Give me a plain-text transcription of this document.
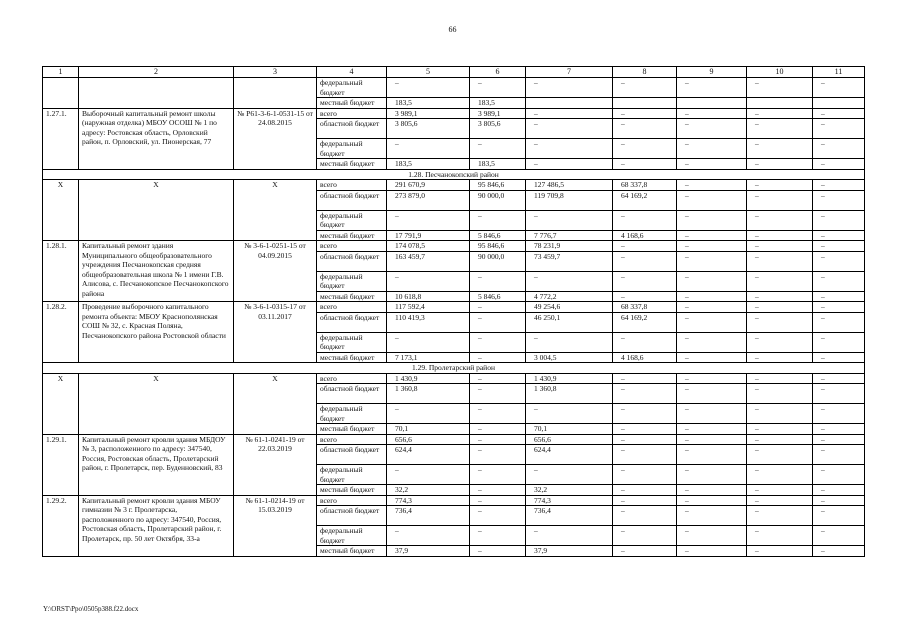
66
1	2	3	4	5	6	7	8	9	10	11
			федеральный бюджет	–	–	–	–	–	–	–
			местный бюджет	183,5	183,5					
1.27.1.	Выборочный капитальный ремонт школы (наружная отделка) МБОУ ОСОШ № 1 по адресу: Ростовская область, Орловский район, п. Орловский, ул. Пионерская, 77	№ Р61-3-6-1-0531-15 от 24.08.2015	всего	3 989,1	3 989,1	–	–	–	–	–
			областной бюджет	3 805,6	3 805,6	–	–	–	–	–
			федеральный бюджет	–	–	–	–	–	–	–
			местный бюджет	183,5	183,5	–	–	–	–	–
1.28. Песчанокопский район										
Х	Х	Х	всего	291 670,9	95 846,6	127 486,5	68 337,8	–	–	–
			областной бюджет	273 879,0	90 000,0	119 709,8	64 169,2	–	–	–
			федеральный бюджет	–	–	–	–	–	–	–
			местный бюджет	17 791,9	5 846,6	7 776,7	4 168,6	–	–	–
1.28.1.	Капитальный ремонт здания Муниципального общеобразовательного учреждения Песчанокопская средняя общеобразовательная школа № 1 имени Г.В. Алисова, с. Песчанокопское Песчанокопского района	№ 3-6-1-0251-15 от 04.09.2015	всего	174 078,5	95 846,6	78 231,9	–	–	–	–
			областной бюджет	163 459,7	90 000,0	73 459,7	–	–	–	–
			федеральный бюджет	–	–	–	–	–	–	–
			местный бюджет	10 618,8	5 846,6	4 772,2	–	–	–	–
1.28.2.	Проведение выборочного капитального ремонта объекта: МБОУ Краснополянская СОШ № 32, с. Красная Поляна, Песчанокопского района Ростовской области	№ 3-6-1-0315-17 от 03.11.2017	всего	117 592,4	–	49 254,6	68 337,8	–	–	–
			областной бюджет	110 419,3	–	46 250,1	64 169,2	–	–	–
			федеральный бюджет	–	–	–	–	–	–	–
			местный бюджет	7 173,1	–	3 004,5	4 168,6	–	–	–
1.29. Пролетарский район										
Х	Х	Х	всего	1 430,9	–	1 430,9	–	–	–	–
			областной бюджет	1 360,8	–	1 360,8	–	–	–	–
			федеральный бюджет	–	–	–	–	–	–	–
			местный бюджет	70,1	–	70,1	–	–	–	–
1.29.1.	Капитальный ремонт кровли здания МБДОУ № 3, расположенного по адресу: 347540, Россия, Ростовская область, Пролетарский район, г. Пролетарск, пер. Буденновский, 83	№ 61-1-0241-19 от 22.03.2019	всего	656,6	–	656,6	–	–	–	–
			областной бюджет	624,4	–	624,4	–	–	–	–
			федеральный бюджет	–	–	–	–	–	–	–
			местный бюджет	32,2	–	32,2	–	–	–	–
1.29.2.	Капитальный ремонт кровли здания МБОУ гимназии № 3 г. Пролетарска, расположенного по адресу: 347540, Россия, Ростовская область, Пролетарский район, г. Пролетарск, пр. 50 лет Октября, 33-а	№ 61-1-0214-19 от 15.03.2019	всего	774,3	–	774,3	–	–	–	–
			областной бюджет	736,4	–	736,4	–	–	–	–
			федеральный бюджет	–	–	–	–	–	–	–
			местный бюджет	37,9	–	37,9	–	–	–	–
Y:\ORST\Ppo\0505p388.f22.docx
